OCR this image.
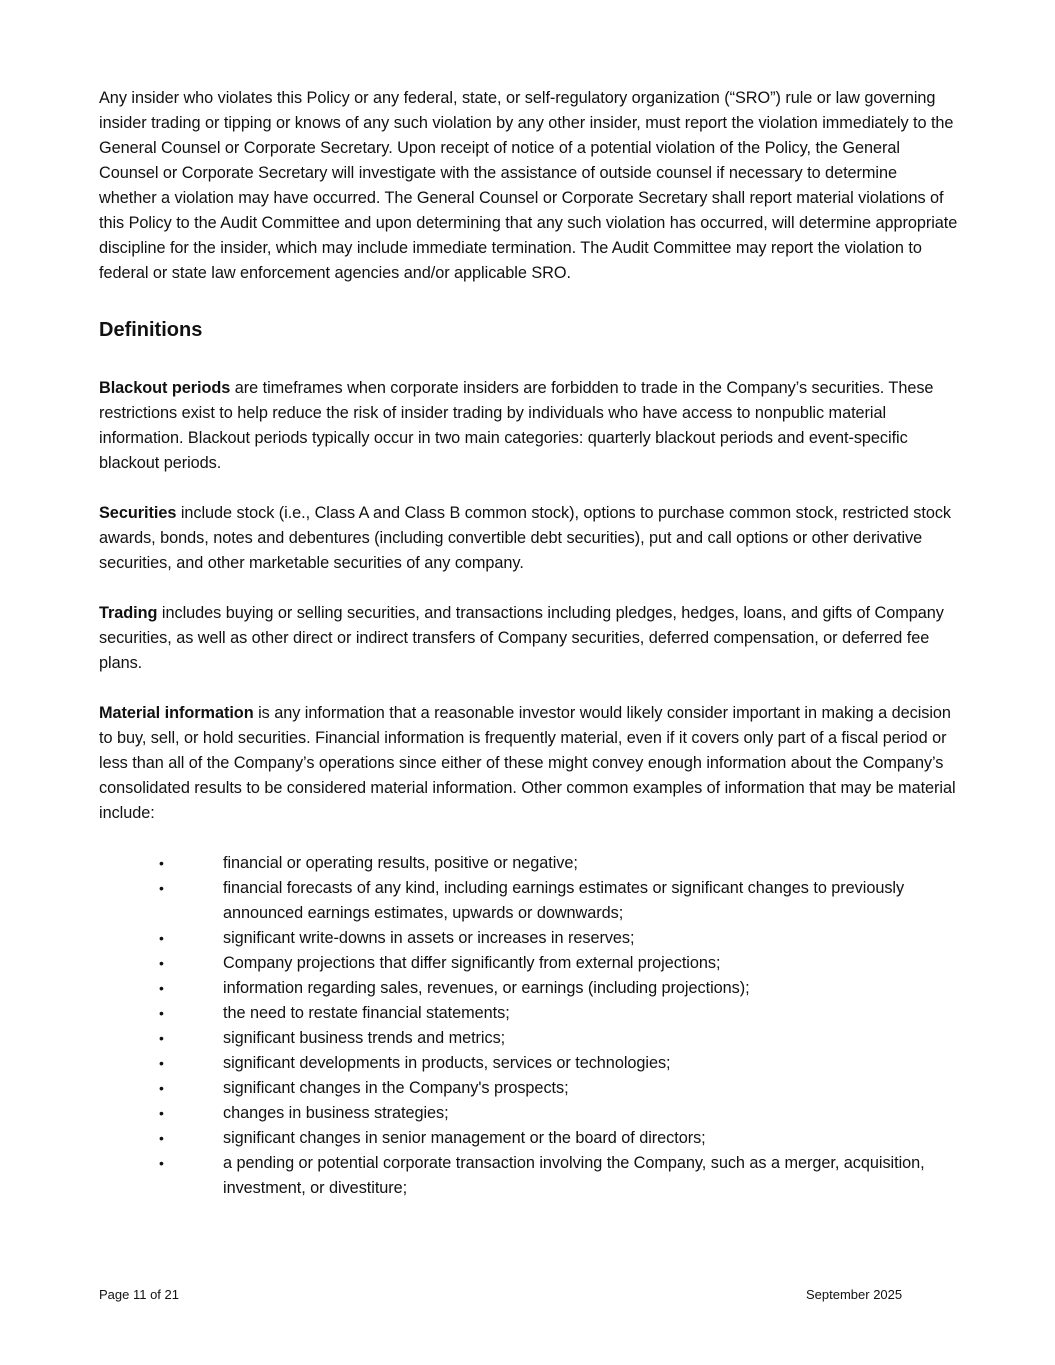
Any insider who violates this Policy or any federal, state, or self-regulatory organization (“SRO”) rule or law governing insider trading or tipping or knows of any such violation by any other insider, must report the violation immediately to the General Counsel or Corporate Secretary. Upon receipt of notice of a potential violation of the Policy, the General Counsel or Corporate Secretary will investigate with the assistance of outside counsel if necessary to determine whether a violation may have occurred. The General Counsel or Corporate Secretary shall report material violations of this Policy to the Audit Committee and upon determining that any such violation has occurred, will determine appropriate discipline for the insider, which may include immediate termination. The Audit Committee may report the violation to federal or state law enforcement agencies and/or applicable SRO.

Definitions

Blackout periods are timeframes when corporate insiders are forbidden to trade in the Company’s securities. These restrictions exist to help reduce the risk of insider trading by individuals who have access to nonpublic material information. Blackout periods typically occur in two main categories: quarterly blackout periods and event-specific blackout periods.

Securities include stock (i.e., Class A and Class B common stock), options to purchase common stock, restricted stock awards, bonds, notes and debentures (including convertible debt securities), put and call options or other derivative securities, and other marketable securities of any company.

Trading includes buying or selling securities, and transactions including pledges, hedges, loans, and gifts of Company securities, as well as other direct or indirect transfers of Company securities, deferred compensation, or deferred fee plans.

Material information is any information that a reasonable investor would likely consider important in making a decision to buy, sell, or hold securities. Financial information is frequently material, even if it covers only part of a fiscal period or less than all of the Company’s operations since either of these might convey enough information about the Company’s consolidated results to be considered material information. Other common examples of information that may be material include:

•	financial or operating results, positive or negative;
•	financial forecasts of any kind, including earnings estimates or significant changes to previously announced earnings estimates, upwards or downwards;
•	significant write-downs in assets or increases in reserves;
•	Company projections that differ significantly from external projections;
•	information regarding sales, revenues, or earnings (including projections);
•	the need to restate financial statements;
•	significant business trends and metrics;
•	significant developments in products, services or technologies;
•	significant changes in the Company's prospects;
•	changes in business strategies;
•	significant changes in senior management or the board of directors;
•	a pending or potential corporate transaction involving the Company, such as a merger, acquisition, investment, or divestiture;
Page 11 of 21	September 2025
